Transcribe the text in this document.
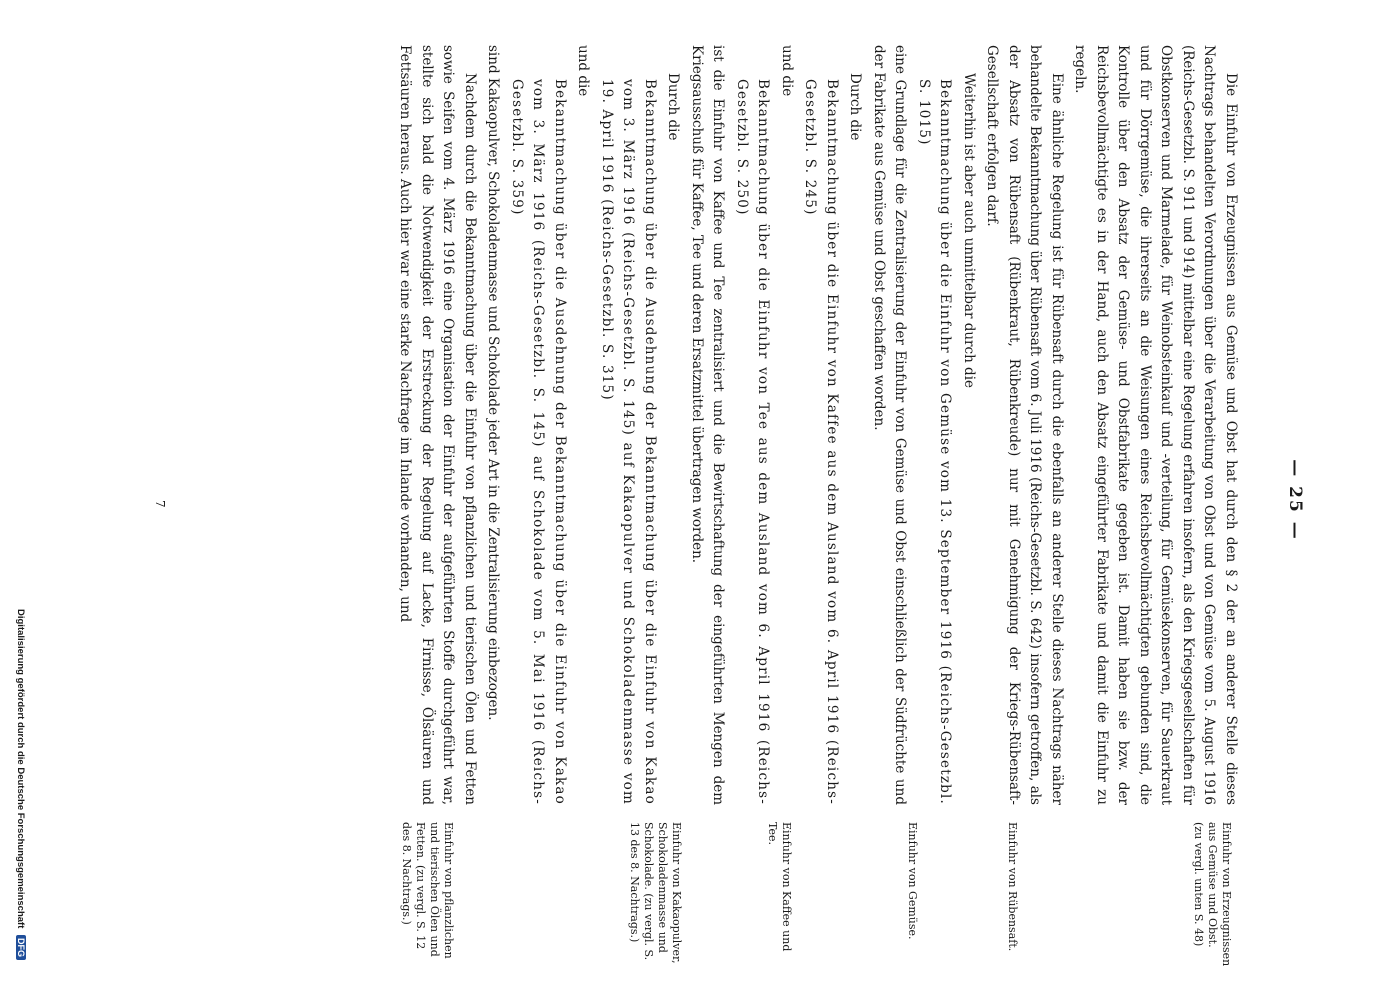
— 25 —

Die Einfuhr von Erzeugnissen aus Gemüse und Obst hat durch den § 2 der an anderer Stelle dieses Nachtrags behandelten Verordnungen über die Verarbeitung von Obst und von Gemüse vom 5. August 1916 (Reichs-Gesetzbl. S. 911 und 914) mittelbar eine Regelung erfahren insofern, als den Kriegsgesellschaften für Obstkonserven und Marmelade, für Weinobsteinkauf und -verteilung, für Gemüsekonserven, für Sauerkraut und für Dörrgemüse, die ihrerseits an die Weisungen eines Reichsbevollmächtigten gebunden sind, die Kontrolle über den Absatz der Gemüse- und Obstfabrikate gegeben ist. Damit haben sie bzw. der Reichsbevollmächtigte es in der Hand, auch den Absatz eingeführter Fabrikate und damit die Einfuhr zu regeln.

Eine ähnliche Regelung ist für Rübensaft durch die ebenfalls an anderer Stelle dieses Nachtrags näher behandelte Bekanntmachung über Rübensaft vom 6. Juli 1916 (Reichs-Gesetzbl. S. 642) insofern getroffen, als der Absatz von Rübensaft (Rübenkraut, Rübenkreude) nur mit Genehmigung der Kriegs-Rübensaft-Gesellschaft erfolgen darf.

Weiterhin ist aber auch unmittelbar durch die

Bekanntmachung über die Einfuhr von Gemüse vom 13. September 1916 (Reichs-Gesetzbl. S. 1015)

eine Grundlage für die Zentralisierung der Einfuhr von Gemüse und Obst einschließlich der Südfrüchte und der Fabrikate aus Gemüse und Obst geschaffen worden.

Durch die

Bekanntmachung über die Einfuhr von Kaffee aus dem Ausland vom 6. April 1916 (Reichs-Gesetzbl. S. 245)

und die

Bekanntmachung über die Einfuhr von Tee aus dem Ausland vom 6. April 1916 (Reichs-Gesetzbl. S. 250)

ist die Einfuhr von Kaffee und Tee zentralisiert und die Bewirtschaftung der eingeführten Mengen dem Kriegsausschuß für Kaffee, Tee und deren Ersatzmittel übertragen worden.

Durch die

Bekanntmachung über die Ausdehnung der Bekanntmachung über die Einfuhr von Kakao vom 3. März 1916 (Reichs-Gesetzbl. S. 145) auf Kakaopulver und Schokoladenmasse vom 19. April 1916 (Reichs-Gesetzbl. S. 315)

und die

Bekanntmachung über die Ausdehnung der Bekanntmachung über die Einfuhr von Kakao vom 3. März 1916 (Reichs-Gesetzbl. S. 145) auf Schokolade vom 5. Mai 1916 (Reichs-Gesetzbl. S. 359)

sind Kakaopulver, Schokoladenmasse und Schokolade jeder Art in die Zentralisierung einbezogen.

Nachdem durch die Bekanntmachung über die Einfuhr von pflanzlichen und tierischen Ölen und Fetten sowie Seifen vom 4. März 1916 eine Organisation der Einfuhr der aufgeführten Stoffe durchgeführt war, stellte sich bald die Notwendigkeit der Erstreckung der Regelung auf Lacke, Firnisse, Ölsäuren und Fettsäuren heraus. Auch hier war eine starke Nachfrage im Inlande vorhanden, und

Einfuhr von Erzeugnissen aus Gemüse und Obst. (zu vergl. unten S. 48)
Einfuhr von Rübensaft.
Einfuhr von Gemüse.
Einfuhr von Kaffee und Tee.
Einfuhr von Kakaopulver, Schokoladenmasse und Schokolade. (zu vergl. S. 13 des 8. Nachtrags.)
Einfuhr von pflanzlichen und tierischen Ölen und Fetten. (zu vergl. S. 12 des 8. Nachtrags.)
7
Digitalisierung gefördert durch die Deutsche Forschungsgemeinschaft DFG
